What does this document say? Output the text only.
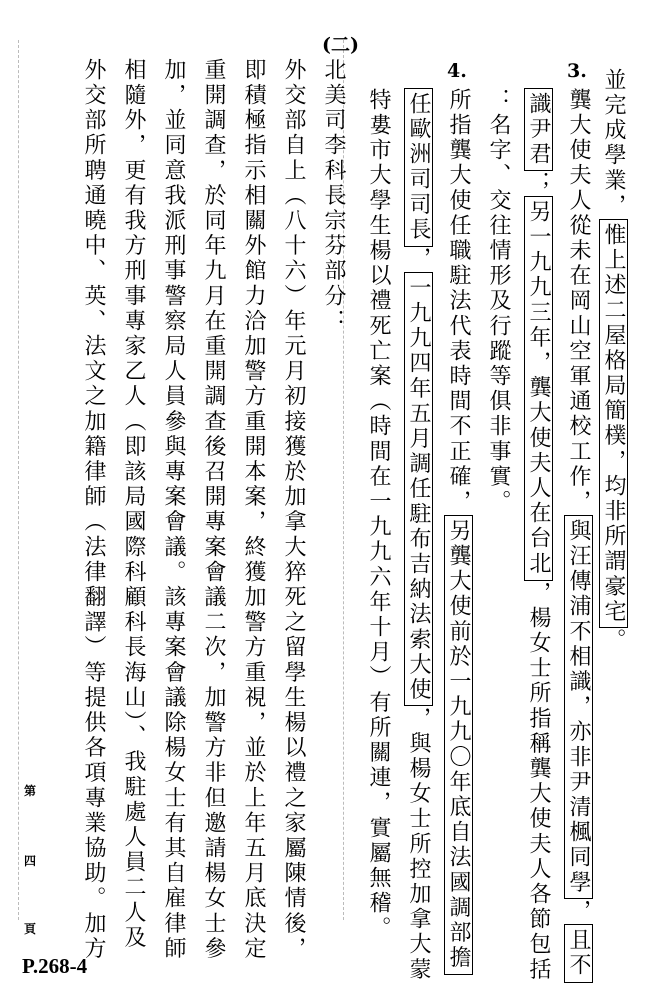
3.
4.
(二)
並完成學業，惟上述二屋格局簡樸，均非所謂豪宅。
龔大使夫人從未在岡山空軍通校工作，與汪傳浦不相識，亦非尹清楓同學，且不
識尹君；另一九九三年，龔大使夫人在台北，楊女士所指稱龔大使夫人各節包括
：名字、交往情形及行蹤等俱非事實。
所指龔大使任職駐法代表時間不正確，另龔大使前於一九九〇年底自法國調部擔
任歐洲司司長，一九九四年五月調任駐布吉納法索大使，與楊女士所控加拿大蒙
特婁市大學生楊以禮死亡案（時間在一九九六年十月）有所關連，實屬無稽。
北美司李科長宗芬部分：
外交部自上（八十六）年元月初接獲於加拿大猝死之留學生楊以禮之家屬陳情後，
即積極指示相關外館力洽加警方重開本案，終獲加警方重視，並於上年五月底決定
重開調查，於同年九月在重開調查後召開專案會議二次，加警方非但邀請楊女士參
加，並同意我派刑事警察局人員參與專案會議。該專案會議除楊女士有其自雇律師
相隨外，更有我方刑事專家乙人（即該局國際科顧科長海山）、我駐處人員二人及
外交部所聘通曉中、英、法文之加籍律師（法律翻譯）等提供各項專業協助。加方
第
四
頁
P.268-4
